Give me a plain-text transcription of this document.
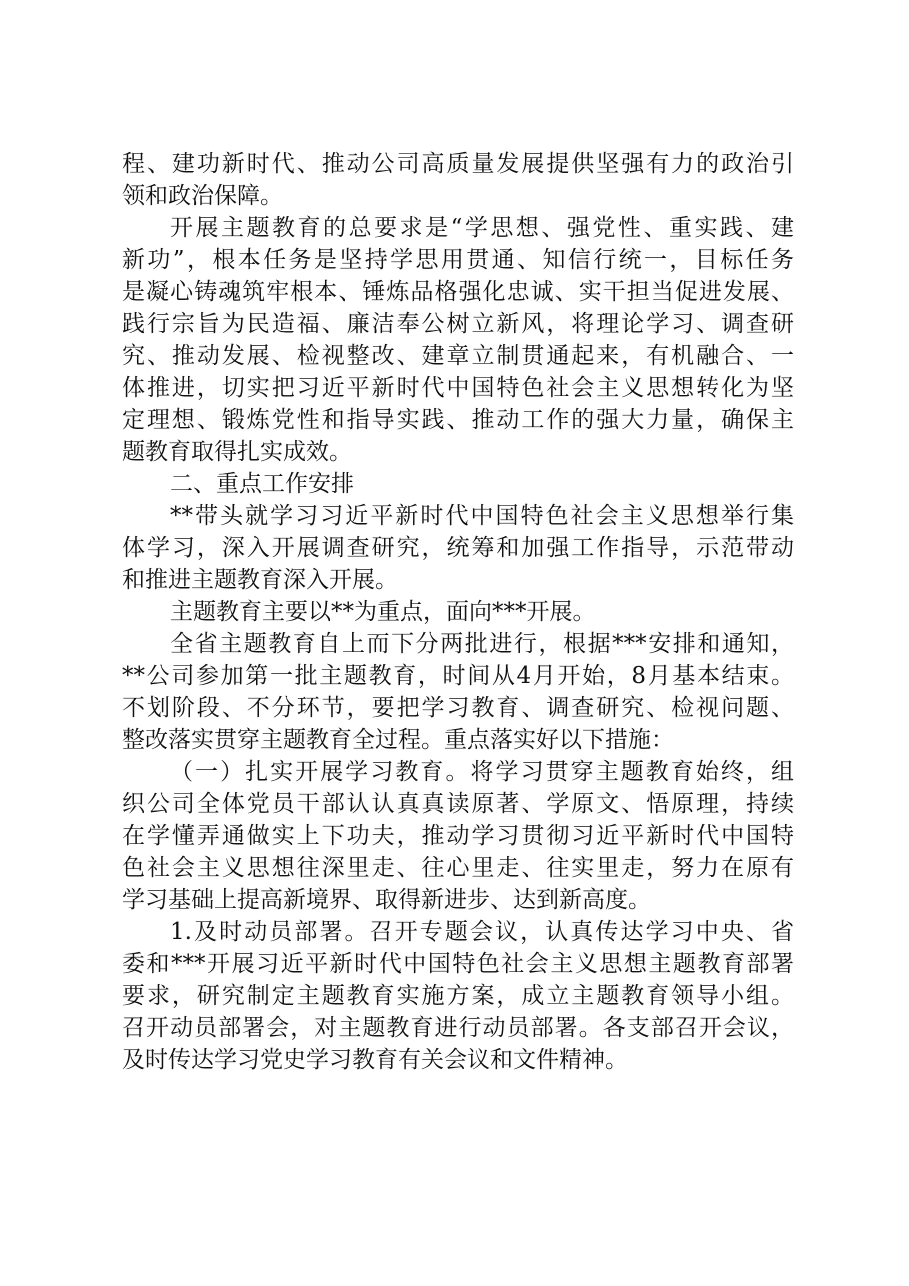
程、建功新时代、推动公司高质量发展提供坚强有力的政治引
领和政治保障。
开展主题教育的总要求是“学思想、强党性、重实践、建
新功”，根本任务是坚持学思用贯通、知信行统一，目标任务
是凝心铸魂筑牢根本、锤炼品格强化忠诚、实干担当促进发展、
践行宗旨为民造福、廉洁奉公树立新风，将理论学习、调查研
究、推动发展、检视整改、建章立制贯通起来，有机融合、一
体推进，切实把习近平新时代中国特色社会主义思想转化为坚
定理想、锻炼党性和指导实践、推动工作的强大力量，确保主
题教育取得扎实成效。
二、重点工作安排
**带头就学习习近平新时代中国特色社会主义思想举行集
体学习，深入开展调查研究，统筹和加强工作指导，示范带动
和推进主题教育深入开展。
主题教育主要以**为重点，面向***开展。
全省主题教育自上而下分两批进行，根据***安排和通知，
**公司参加第一批主题教育，时间从4月开始，8月基本结束。
不划阶段、不分环节，要把学习教育、调查研究、检视问题、
整改落实贯穿主题教育全过程。重点落实好以下措施：
（一）扎实开展学习教育。将学习贯穿主题教育始终，组
织公司全体党员干部认认真真读原著、学原文、悟原理，持续
在学懂弄通做实上下功夫，推动学习贯彻习近平新时代中国特
色社会主义思想往深里走、往心里走、往实里走，努力在原有
学习基础上提高新境界、取得新进步、达到新高度。
1.及时动员部署。召开专题会议，认真传达学习中央、省
委和***开展习近平新时代中国特色社会主义思想主题教育部署
要求，研究制定主题教育实施方案，成立主题教育领导小组。
召开动员部署会，对主题教育进行动员部署。各支部召开会议，
及时传达学习党史学习教育有关会议和文件精神。
